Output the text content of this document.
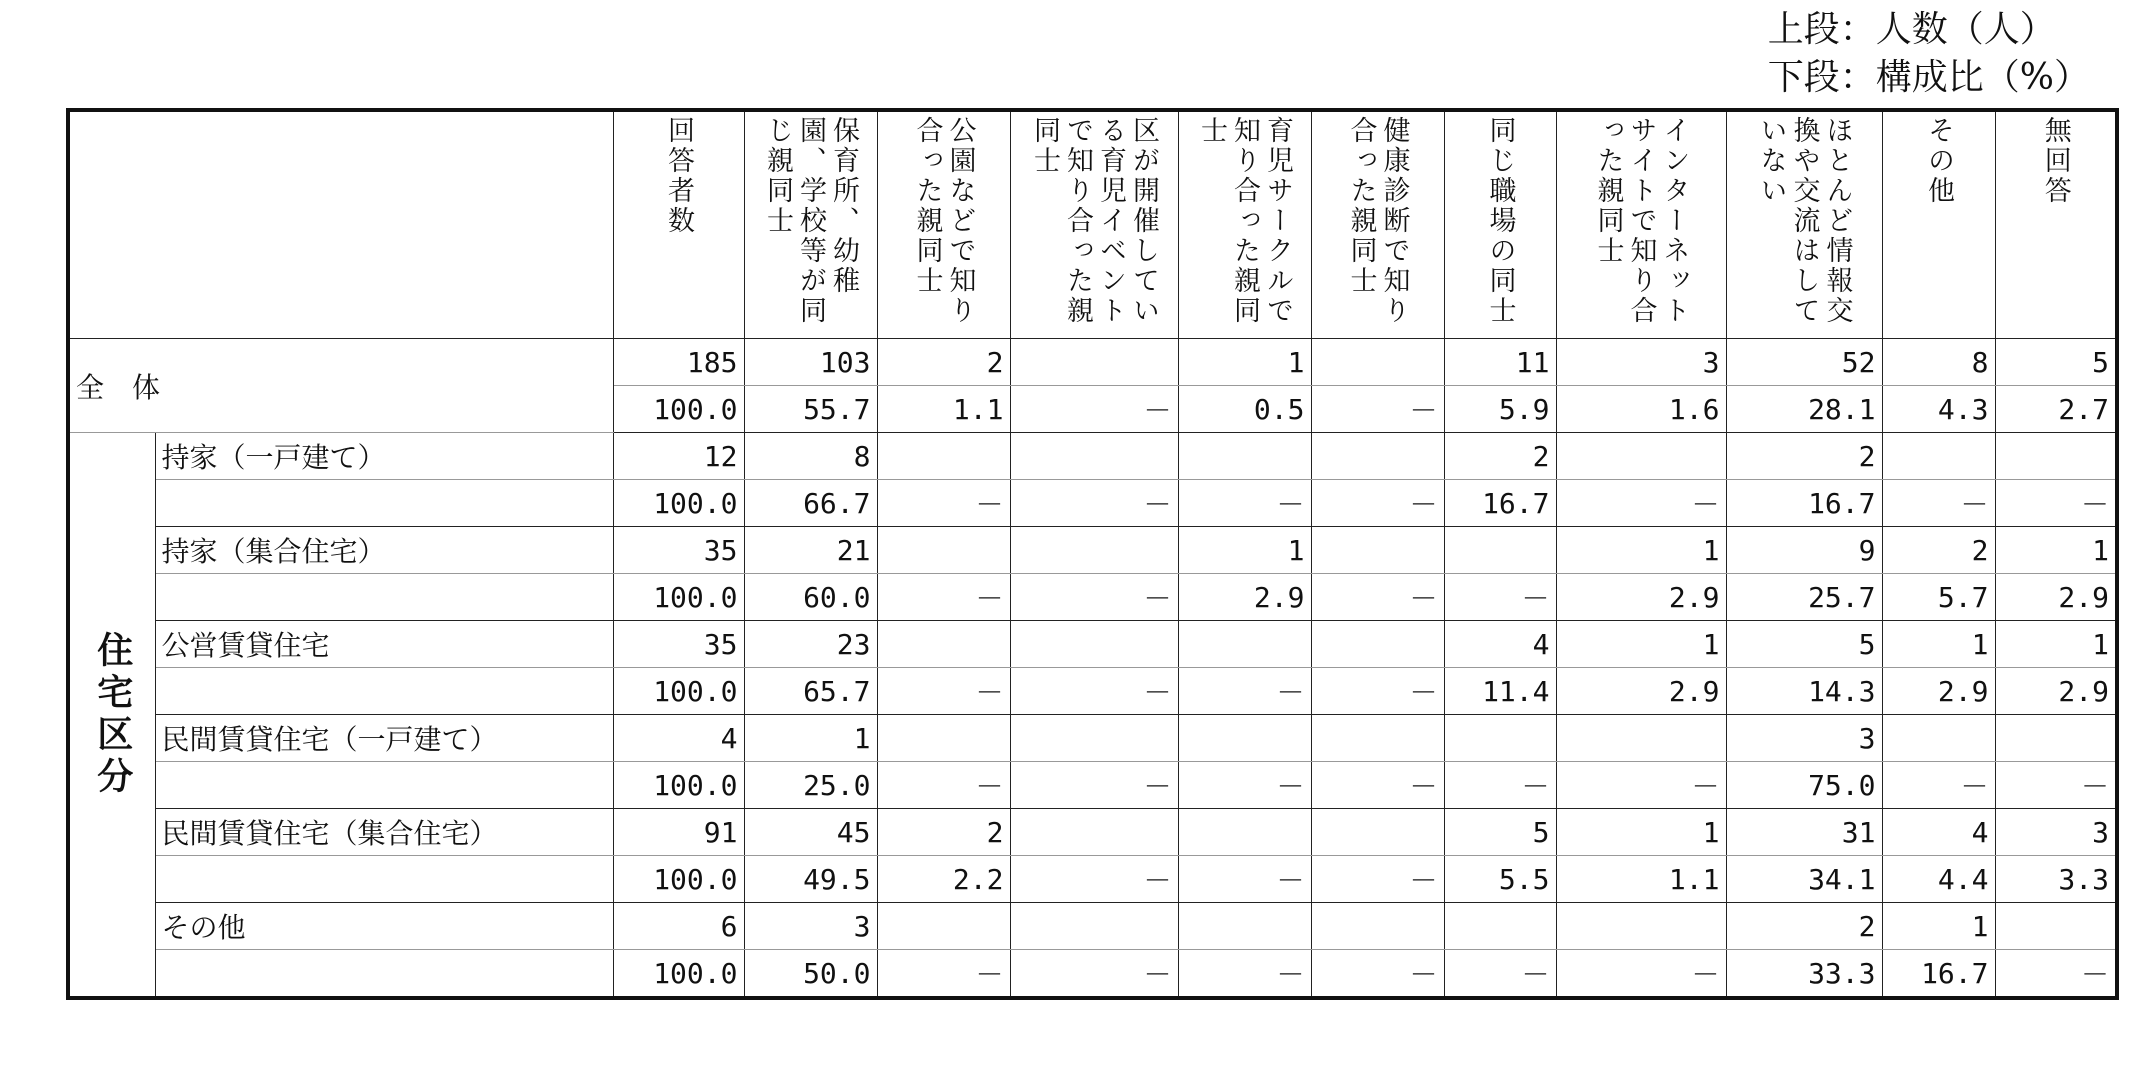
上段：人数（人）
下段：構成比（%）

		回答者数	保育所、幼稚園、学校等が同じ親同士	公園などで知り合った親同士	区が開催している育児イベントで知り合った親同士	育児サークルで知り合った親同士	健康診断で知り合った親同士	同じ職場の同士	インターネットサイトで知り合った親同士	ほとんど情報交換や交流はしていない	その他	無回答

全　体		185	103	2		1		11	3	52	8	5
		100.0	55.7	1.1	－	0.5	－	5.9	1.6	28.1	4.3	2.7

住宅区分	持家（一戸建て）	12	8					2		2		
		100.0	66.7	－	－	－	－	16.7	－	16.7	－	－
	持家（集合住宅）	35	21			1			1	9	2	1
		100.0	60.0	－	－	2.9	－	－	2.9	25.7	5.7	2.9
	公営賃貸住宅	35	23					4	1	5	1	1
		100.0	65.7	－	－	－	－	11.4	2.9	14.3	2.9	2.9
	民間賃貸住宅（一戸建て）	4	1							3		
		100.0	25.0	－	－	－	－	－	－	75.0	－	－
	民間賃貸住宅（集合住宅）	91	45	2				5	1	31	4	3
		100.0	49.5	2.2	－	－	－	5.5	1.1	34.1	4.4	3.3
	その他	6	3							2	1	
		100.0	50.0	－	－	－	－	－	－	33.3	16.7	－
